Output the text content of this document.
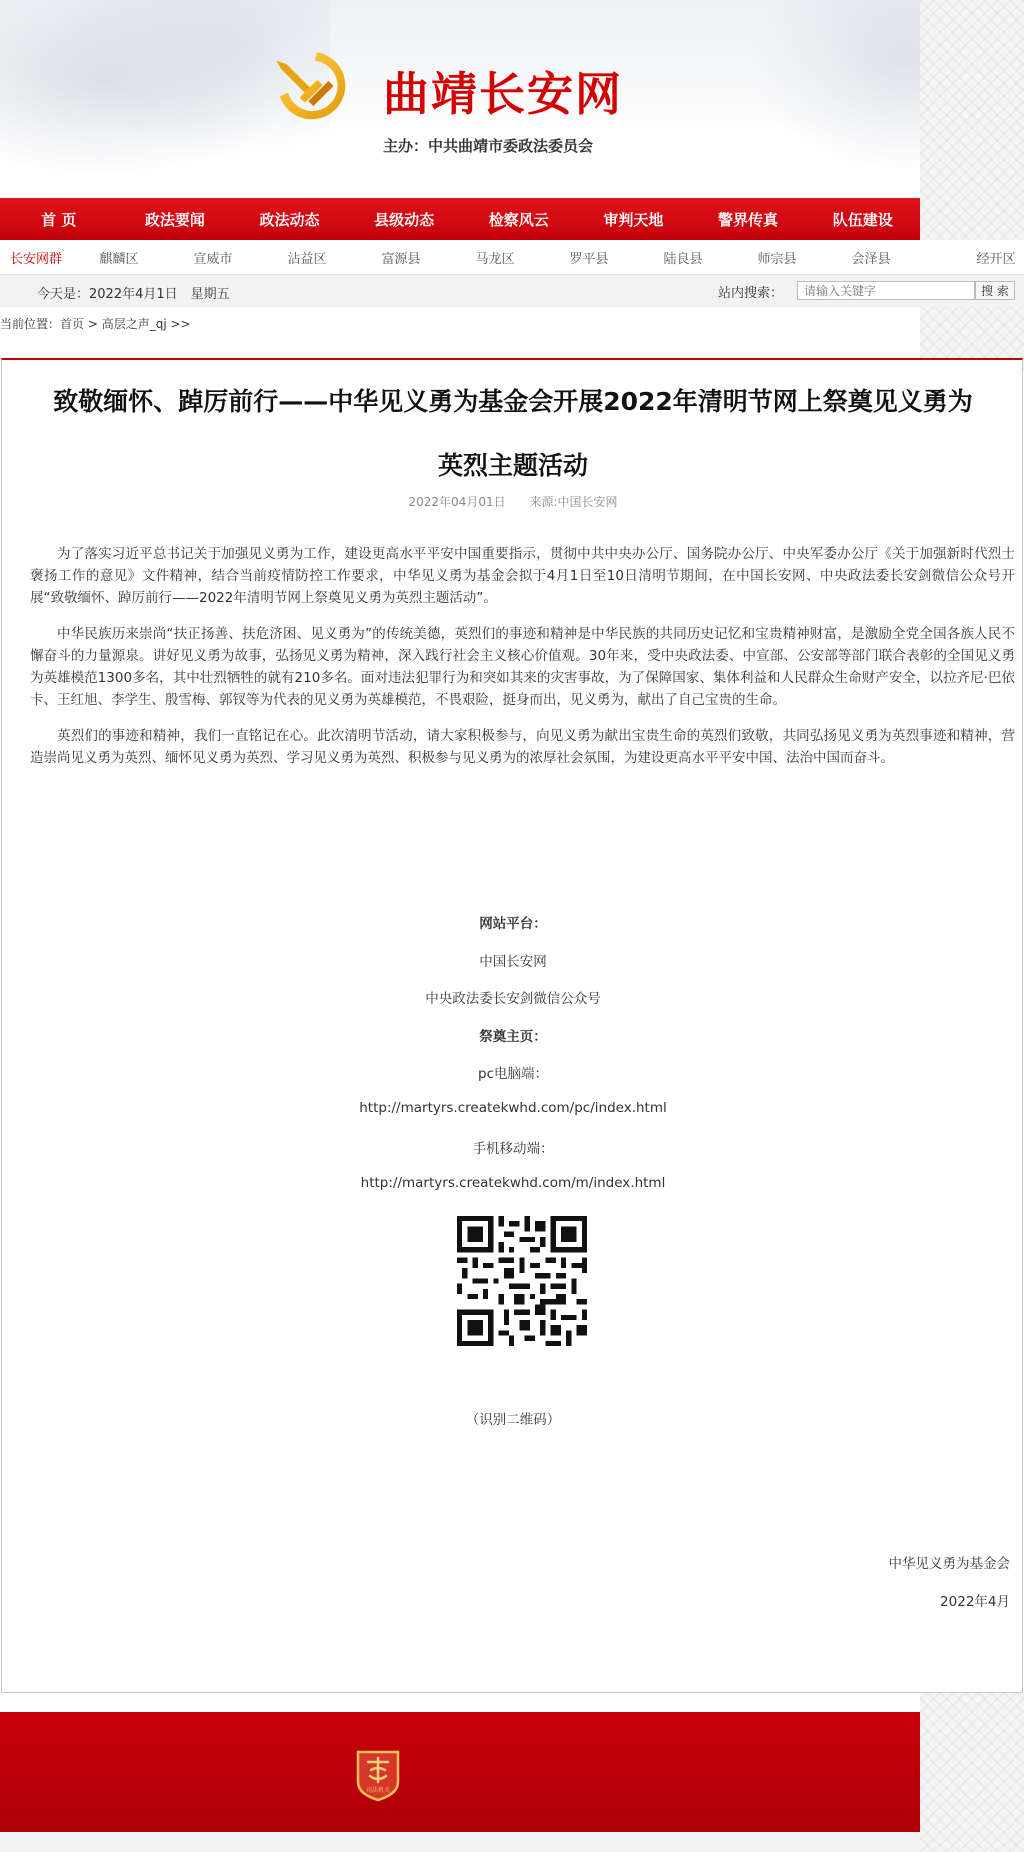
曲靖长安网
主办：中共曲靖市委政法委员会
首 页	政法要闻	政法动态	县级动态	检察风云	审判天地	警界传真	队伍建设
长安网群	麒麟区	宣威市	沾益区	富源县	马龙区	罗平县	陆良县	师宗县	会泽县	经开区
今天是：2022年4月1日　星期五	站内搜索：
请输入关键字	搜 索
当前位置：首页 > 高层之声_qj >>
致敬缅怀、踔厉前行——中华见义勇为基金会开展2022年清明节网上祭奠见义勇为
英烈主题活动
2022年04月01日 来源:中国长安网

为了落实习近平总书记关于加强见义勇为工作，建设更高水平平安中国重要指示，贯彻中共中央办公厅、国务院办公厅、中央军委办公厅《关于加强新时代烈士褒扬工作的意见》文件精神，结合当前疫情防控工作要求，中华见义勇为基金会拟于4月1日至10日清明节期间，在中国长安网、中央政法委长安剑微信公众号开展“致敬缅怀、踔厉前行——2022年清明节网上祭奠见义勇为英烈主题活动”。

中华民族历来崇尚“扶正扬善、扶危济困、见义勇为”的传统美德，英烈们的事迹和精神是中华民族的共同历史记忆和宝贵精神财富，是激励全党全国各族人民不懈奋斗的力量源泉。讲好见义勇为故事，弘扬见义勇为精神，深入践行社会主义核心价值观。30年来，受中央政法委、中宣部、公安部等部门联合表彰的全国见义勇为英雄模范1300多名，其中壮烈牺牲的就有210多名。面对违法犯罪行为和突如其来的灾害事故，为了保障国家、集体利益和人民群众生命财产安全，以拉齐尼·巴依卡、王红旭、李学生、殷雪梅、郭钗等为代表的见义勇为英雄模范，不畏艰险，挺身而出，见义勇为，献出了自己宝贵的生命。

英烈们的事迹和精神，我们一直铭记在心。此次清明节活动，请大家积极参与，向见义勇为献出宝贵生命的英烈们致敬，共同弘扬见义勇为英烈事迹和精神，营造崇尚见义勇为英烈、缅怀见义勇为英烈、学习见义勇为英烈、积极参与见义勇为的浓厚社会氛围，为建设更高水平平安中国、法治中国而奋斗。

网站平台：
中国长安网
中央政法委长安剑微信公众号
祭奠主页：
pc电脑端：
http://martyrs.createkwhd.com/pc/index.html
手机移动端：
http://martyrs.createkwhd.com/m/index.html
（识别二维码）
中华见义勇为基金会
2022年4月
司法机关
